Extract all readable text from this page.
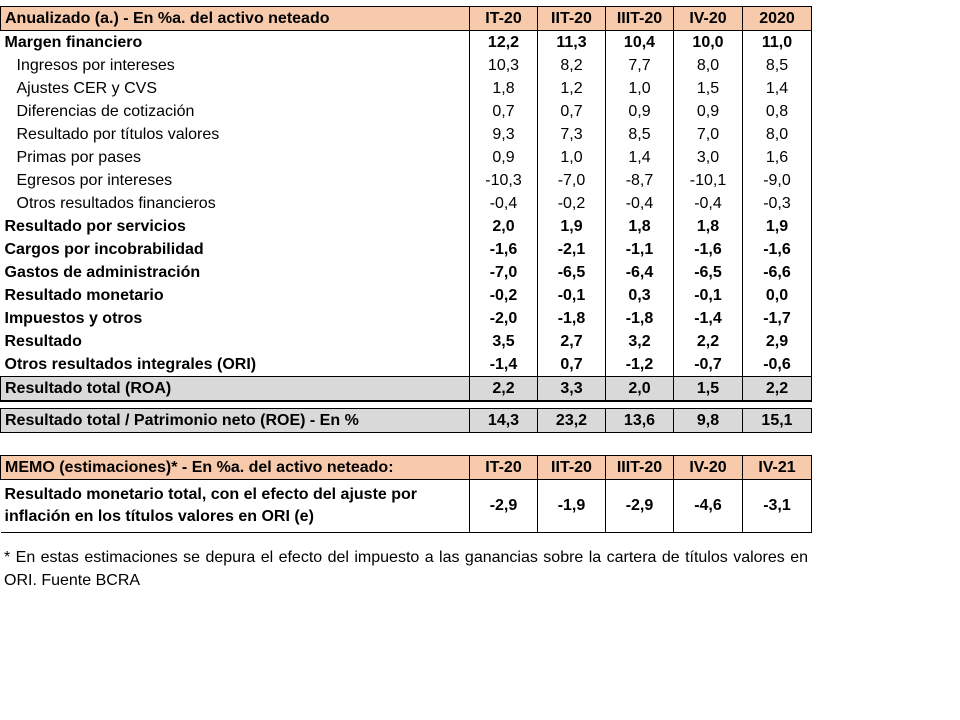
Anualizado (a.) - En %a. del activo neteado	IT-20	IIT-20	IIIT-20	IV-20	2020
Margen financiero	12,2	11,3	10,4	10,0	11,0
Ingresos por intereses	10,3	8,2	7,7	8,0	8,5
Ajustes CER y CVS	1,8	1,2	1,0	1,5	1,4
Diferencias de cotización	0,7	0,7	0,9	0,9	0,8
Resultado por títulos valores	9,3	7,3	8,5	7,0	8,0
Primas por pases	0,9	1,0	1,4	3,0	1,6
Egresos por intereses	-10,3	-7,0	-8,7	-10,1	-9,0
Otros resultados financieros	-0,4	-0,2	-0,4	-0,4	-0,3
Resultado por servicios	2,0	1,9	1,8	1,8	1,9
Cargos por incobrabilidad	-1,6	-2,1	-1,1	-1,6	-1,6
Gastos de administración	-7,0	-6,5	-6,4	-6,5	-6,6
Resultado monetario	-0,2	-0,1	0,3	-0,1	0,0
Impuestos y otros	-2,0	-1,8	-1,8	-1,4	-1,7
Resultado	3,5	2,7	3,2	2,2	2,9
Otros resultados integrales (ORI)	-1,4	0,7	-1,2	-0,7	-0,6
Resultado total (ROA)	2,2	3,3	2,0	1,5	2,2

Resultado total / Patrimonio neto (ROE) - En %	14,3	23,2	13,6	9,8	15,1

MEMO (estimaciones)* - En %a. del activo neteado:	IT-20	IIT-20	IIIT-20	IV-20	IV-21
Resultado monetario total, con el efecto del ajuste por inflación en los títulos valores en ORI (e)	-2,9	-1,9	-2,9	-4,6	-3,1
* En estas estimaciones se depura el efecto del impuesto a las ganancias sobre la cartera de títulos valores en ORI. Fuente BCRA
